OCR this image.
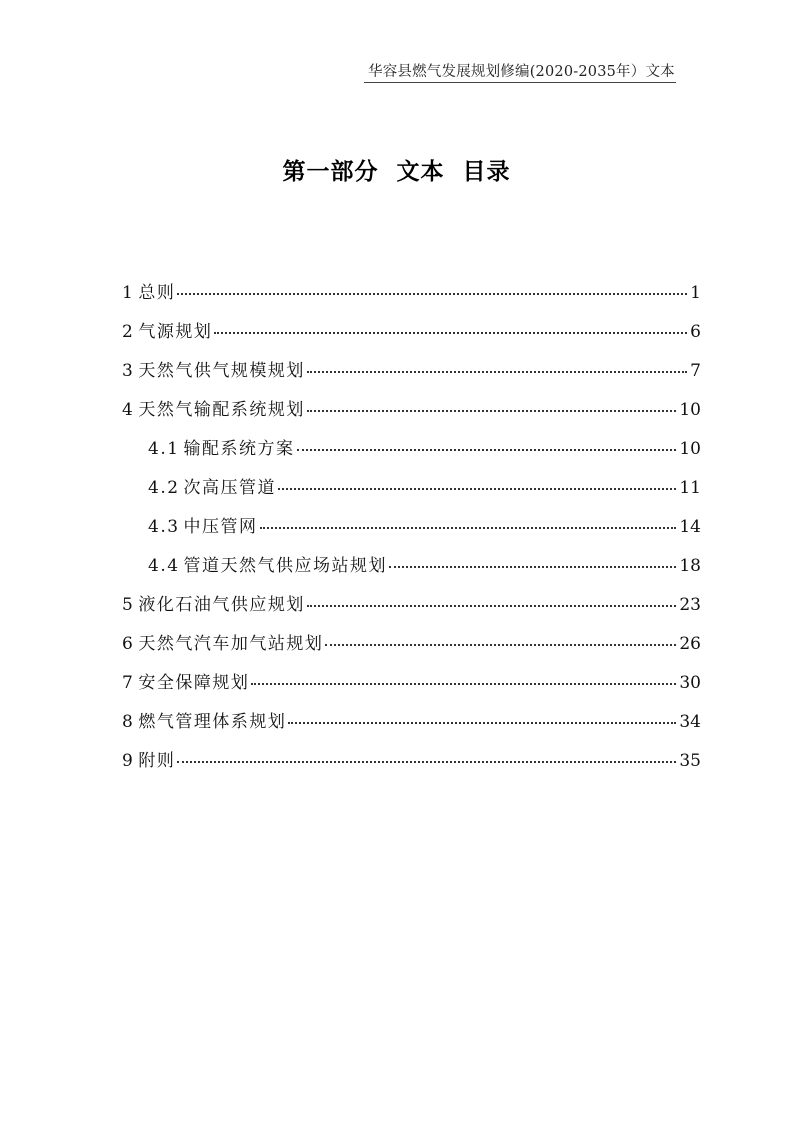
华容县燃气发展规划修编(2020-2035年）文本
第一部分  文本  目录
1 总则	1
2 气源规划	6
3 天然气供气规模规划	7
4 天然气输配系统规划	10
4.1 输配系统方案	10
4.2 次高压管道	11
4.3 中压管网	14
4.4 管道天然气供应场站规划	18
5 液化石油气供应规划	23
6 天然气汽车加气站规划	26
7 安全保障规划	30
8 燃气管理体系规划	34
9 附则	35
